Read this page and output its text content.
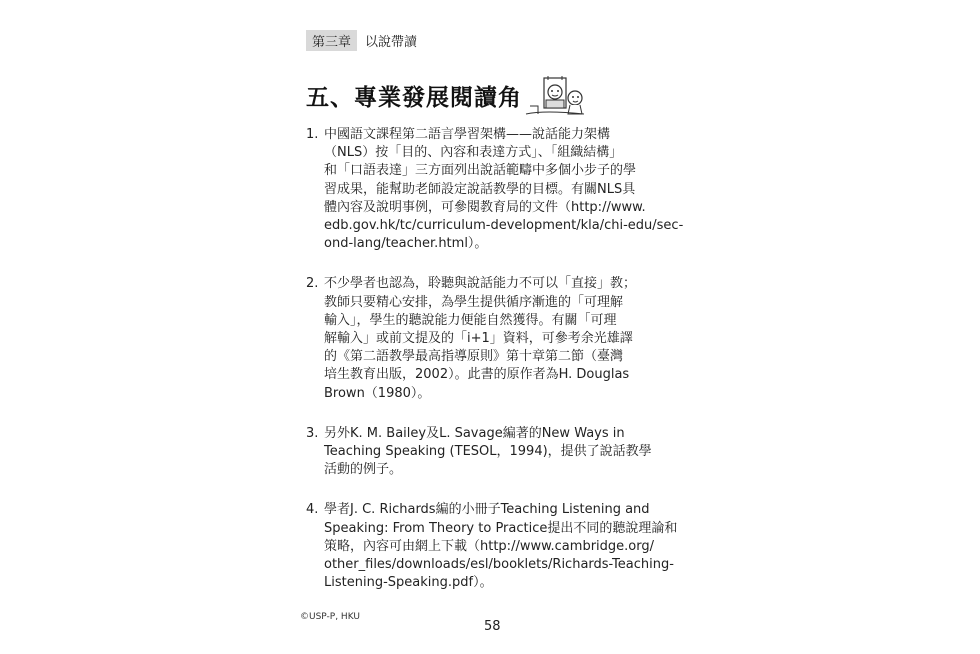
第三章	以說帶讀
五、專業發展閱讀角
1. 中國語文課程第二語言學習架構——說話能力架構
（NLS）按「目的、內容和表達方式」、「組織結構」
和「口語表達」三方面列出說話範疇中多個小步子的學
習成果，能幫助老師設定說話教學的目標。有關NLS具
體內容及說明事例，可參閱教育局的文件（http://www.
edb.gov.hk/tc/curriculum-development/kla/chi-edu/sec-
ond-lang/teacher.html）。
2. 不少學者也認為，聆聽與說話能力不可以「直接」教；
教師只要精心安排，為學生提供循序漸進的「可理解
輸入」，學生的聽說能力便能自然獲得。有關「可理
解輸入」或前文提及的「i+1」資料，可參考余光雄譯
的《第二語教學最高指導原則》第十章第二節（臺灣
培生教育出版，2002）。此書的原作者為H. Douglas
Brown（1980）。
3. 另外K. M. Bailey及L. Savage編著的New Ways in
Teaching Speaking (TESOL，1994)，提供了說話教學
活動的例子。
4. 學者J. C. Richards編的小冊子Teaching Listening and
Speaking: From Theory to Practice提出不同的聽說理論和
策略，內容可由網上下載（http://www.cambridge.org/
other_files/downloads/esl/booklets/Richards-Teaching-
Listening-Speaking.pdf）。
©USP-P, HKU
58
